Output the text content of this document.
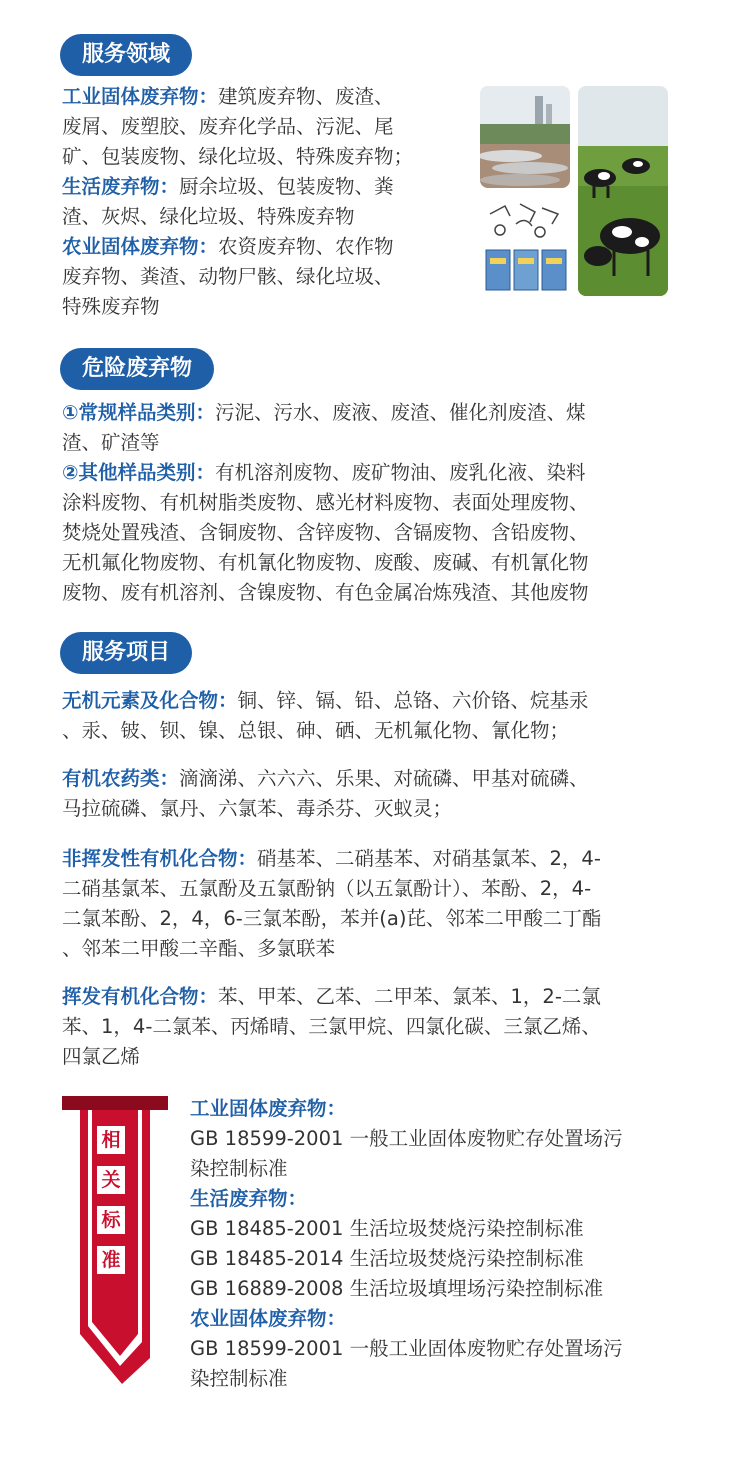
服务领域
工业固体废弃物：建筑废弃物、废渣、
废屑、废塑胶、废弃化学品、污泥、尾
矿、包装废物、绿化垃圾、特殊废弃物；
生活废弃物：厨余垃圾、包装废物、粪
渣、灰烬、绿化垃圾、特殊废弃物
农业固体废弃物：农资废弃物、农作物
废弃物、粪渣、动物尸骸、绿化垃圾、
特殊废弃物
危险废弃物
①常规样品类别：污泥、污水、废液、废渣、催化剂废渣、煤
渣、矿渣等
②其他样品类别：有机溶剂废物、废矿物油、废乳化液、染料
涂料废物、有机树脂类废物、感光材料废物、表面处理废物、
焚烧处置残渣、含铜废物、含锌废物、含镉废物、含铅废物、
无机氟化物废物、有机氰化物废物、废酸、废碱、有机氰化物
废物、废有机溶剂、含镍废物、有色金属冶炼残渣、其他废物
服务项目
无机元素及化合物：铜、锌、镉、铅、总铬、六价铬、烷基汞
、汞、铍、钡、镍、总银、砷、硒、无机氟化物、氰化物；
有机农药类：滴滴涕、六六六、乐果、对硫磷、甲基对硫磷、
马拉硫磷、氯丹、六氯苯、毒杀芬、灭蚁灵；
非挥发性有机化合物：硝基苯、二硝基苯、对硝基氯苯、2，4-
二硝基氯苯、五氯酚及五氯酚钠（以五氯酚计）、苯酚、2，4-
二氯苯酚、2，4，6-三氯苯酚，苯并(a)芘、邻苯二甲酸二丁酯
、邻苯二甲酸二辛酯、多氯联苯
挥发有机化合物：苯、甲苯、乙苯、二甲苯、氯苯、1，2-二氯
苯、1，4-二氯苯、丙烯晴、三氯甲烷、四氯化碳、三氯乙烯、
四氯乙烯
相
关
标
准
工业固体废弃物：
GB 18599-2001 一般工业固体废物贮存处置场污
染控制标准
生活废弃物：
GB 18485-2001 生活垃圾焚烧污染控制标准
GB 18485-2014 生活垃圾焚烧污染控制标准
GB 16889-2008 生活垃圾填埋场污染控制标准
农业固体废弃物：
GB 18599-2001 一般工业固体废物贮存处置场污
染控制标准
